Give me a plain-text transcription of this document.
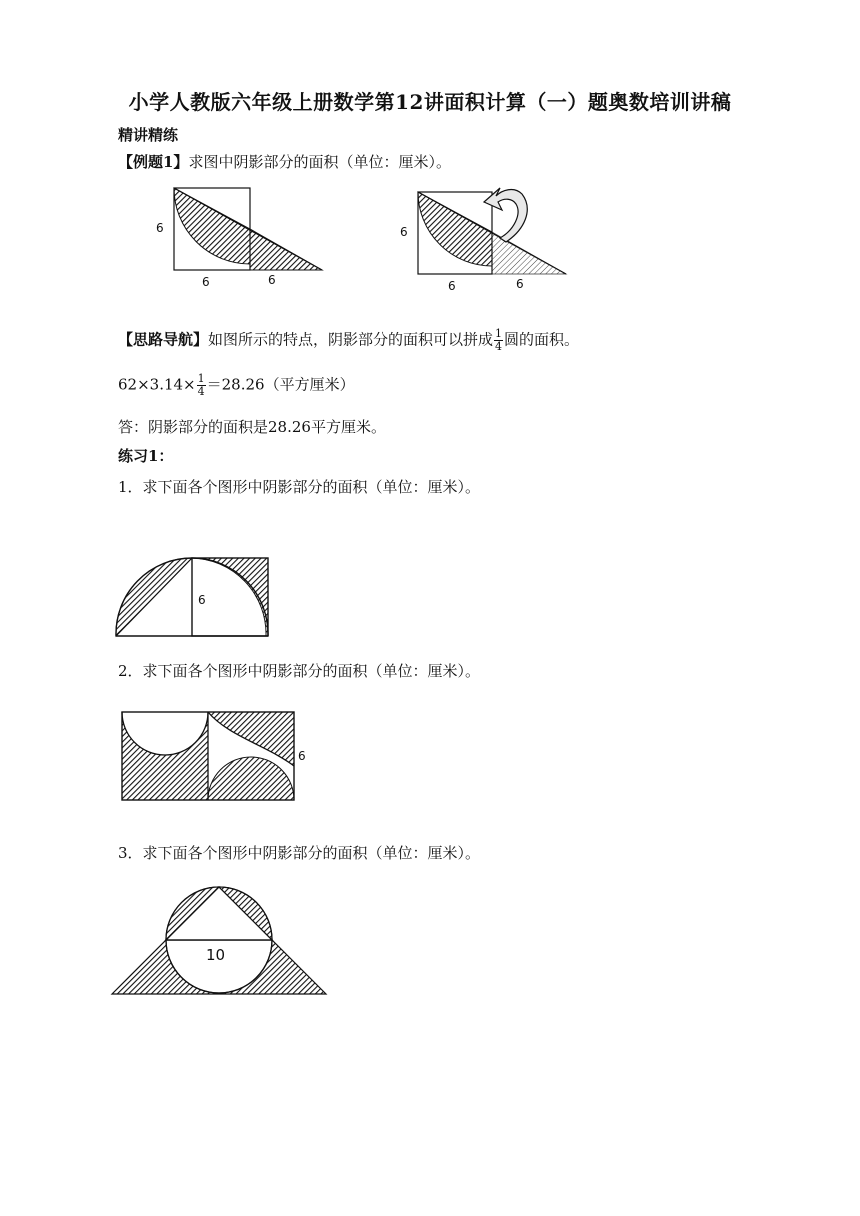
小学人教版六年级上册数学第12讲面积计算（一）题奥数培训讲稿
精讲精练
【例题1】求图中阴影部分的面积（单位：厘米）。
6
6	6
6
6	6
【思路导航】如图所示的特点，阴影部分的面积可以拼成 $\frac{1}{4}$ 圆的面积。
$62\times 3.14\times \frac{1}{4} =28.26$（平方厘米）
答：阴影部分的面积是28.26平方厘米。
练习1：
1．求下面各个图形中阴影部分的面积（单位：厘米）。
6
2．求下面各个图形中阴影部分的面积（单位：厘米）。
6
3．求下面各个图形中阴影部分的面积（单位：厘米）。
10
